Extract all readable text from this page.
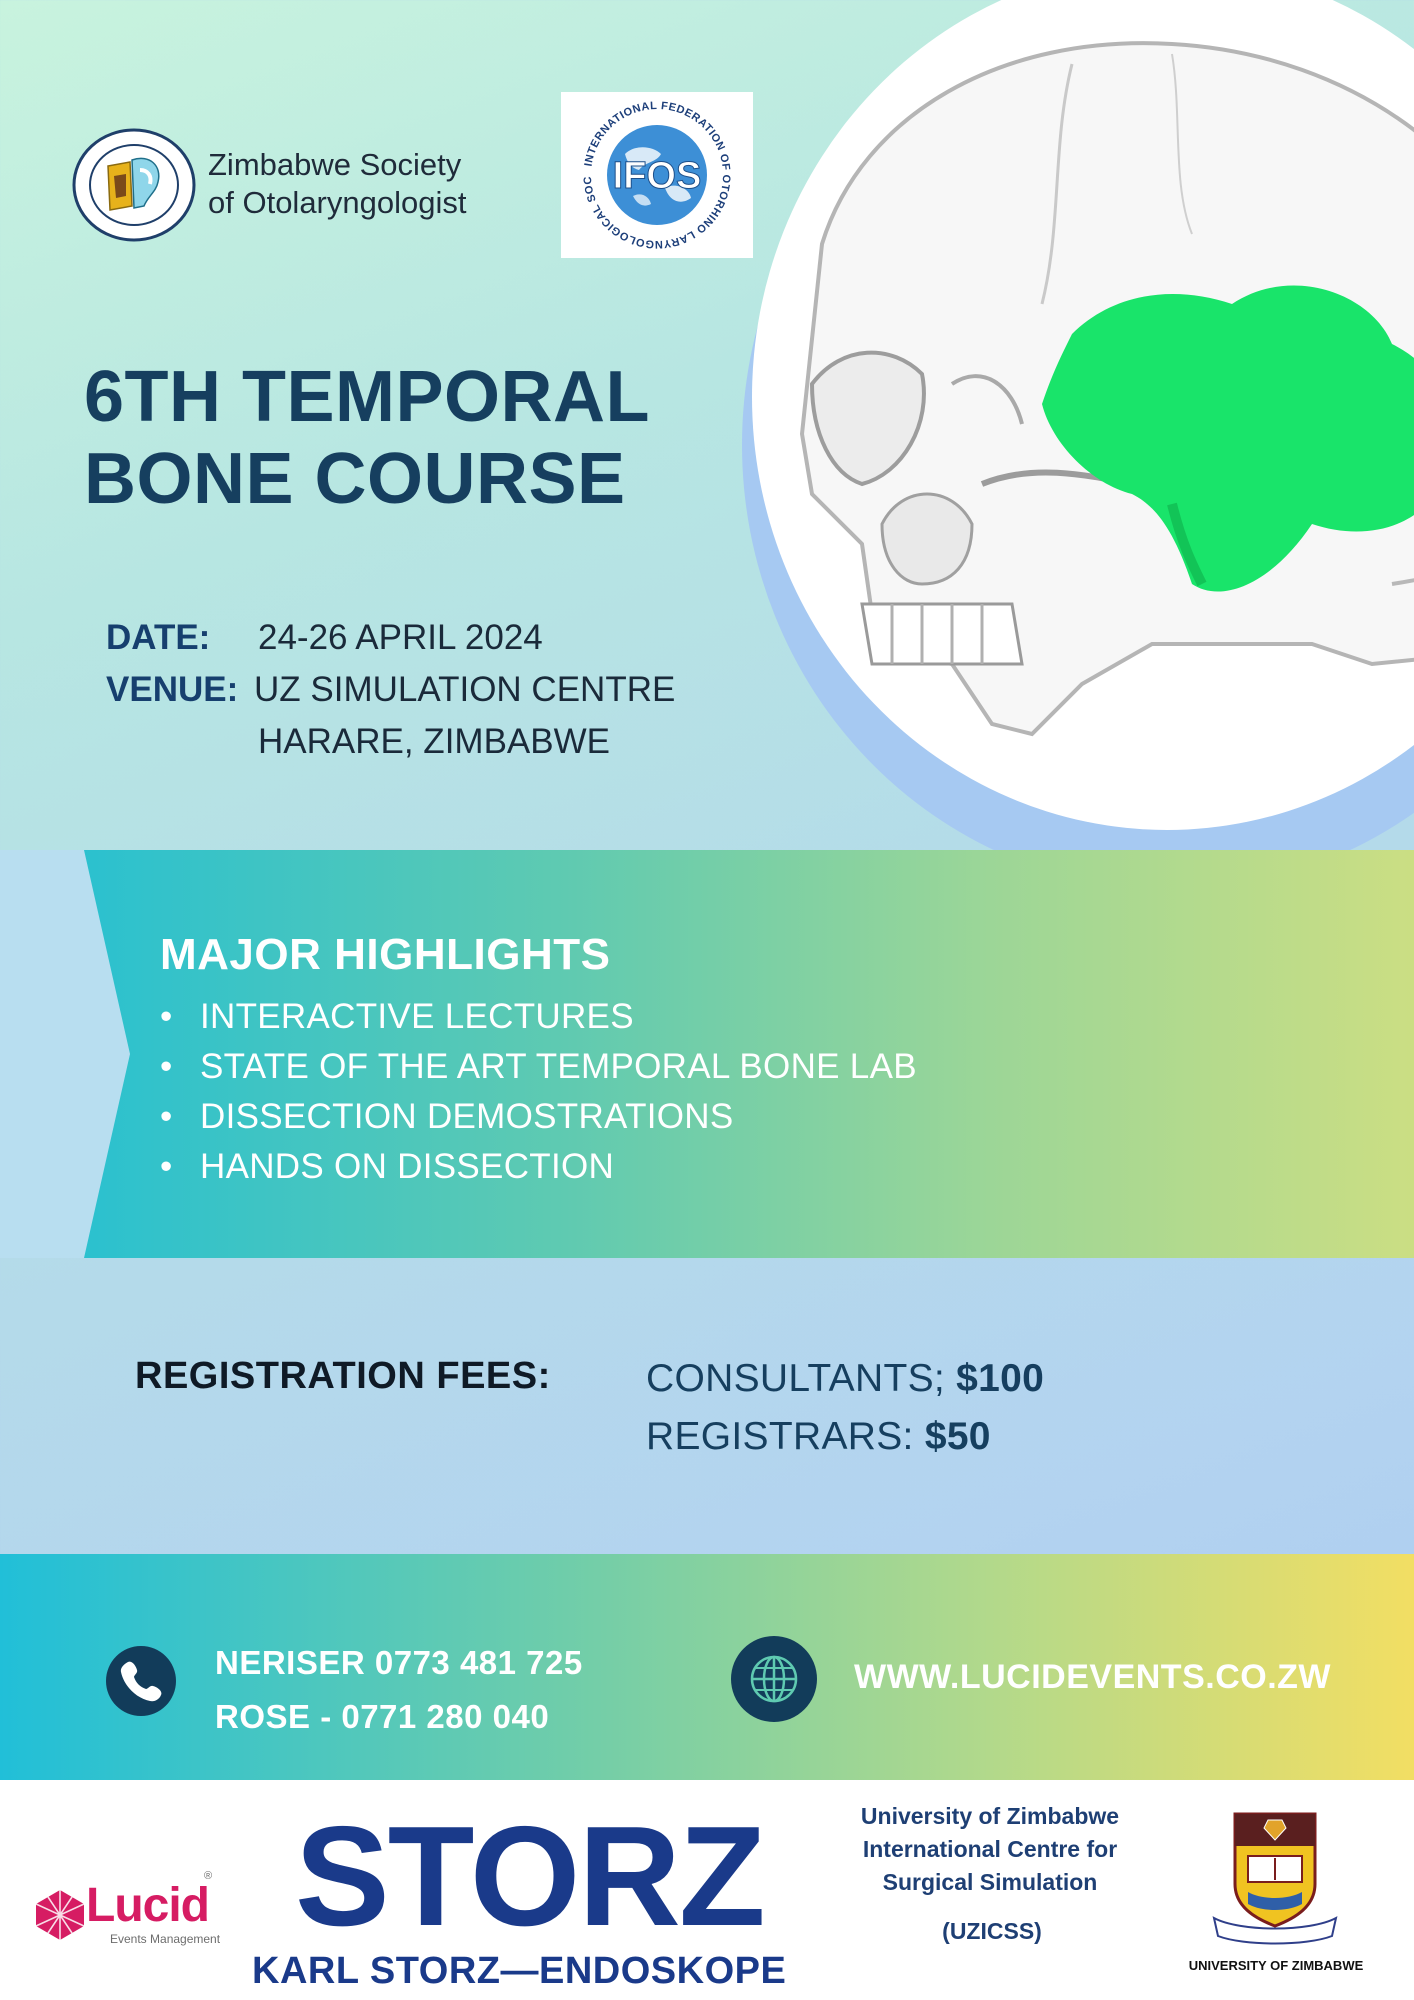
Zimbabwe Society
of Otolaryngologist
IFOS
INTERNATIONAL FEDERATION OF OTORHINO LARYNGOLOGICAL SOC
6TH TEMPORAL
BONE COURSE
DATE: 24-26 APRIL 2024
VENUE: UZ SIMULATION CENTRE
HARARE, ZIMBABWE
MAJOR HIGHLIGHTS
• INTERACTIVE LECTURES
• STATE OF THE ART TEMPORAL BONE LAB
• DISSECTION DEMOSTRATIONS
• HANDS ON DISSECTION
REGISTRATION FEES: CONSULTANTS; $100
REGISTRARS: $50
NERISER 0773 481 725
ROSE - 0771 280 040
WWW.LUCIDEVENTS.CO.ZW
Lucid
Events Management
® STORZ
KARL STORZ—ENDOSKOPE
University of Zimbabwe
International Centre for
Surgical Simulation
(UZICSS)
UNIVERSITY OF ZIMBABWE
